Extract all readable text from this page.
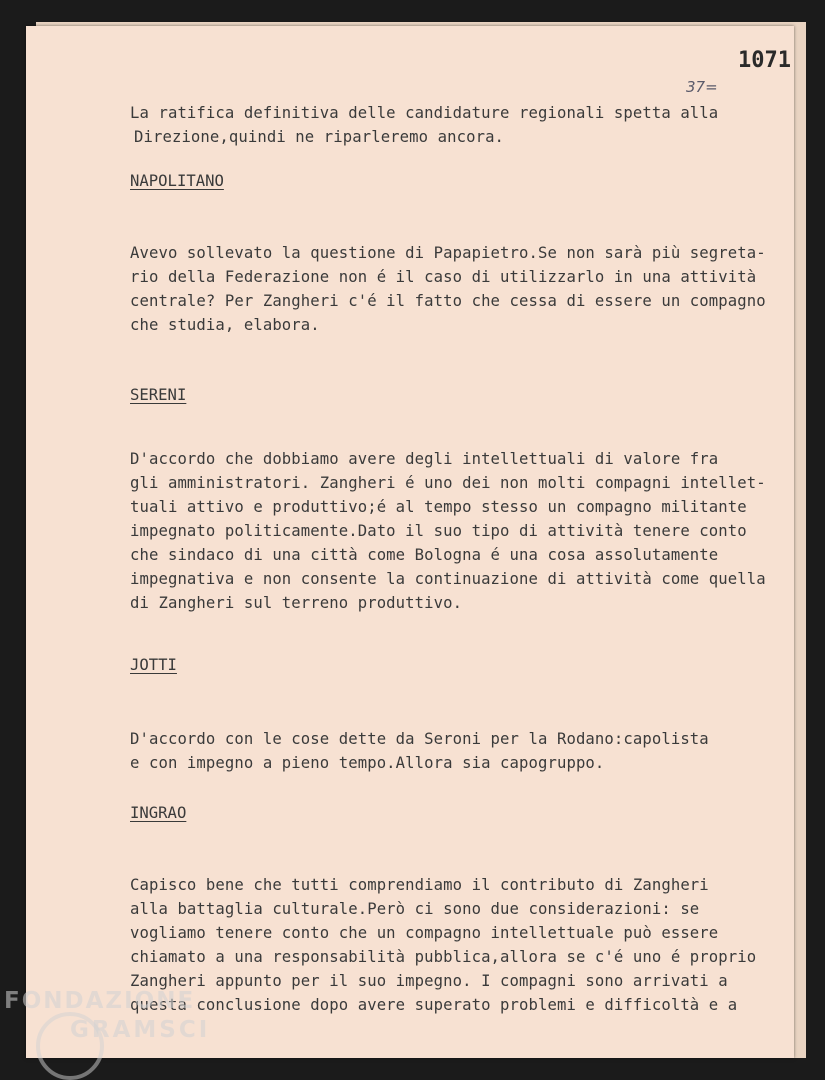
1071
37=
La ratifica definitiva delle candidature regionali spetta alla
Direzione,quindi ne riparleremo ancora.
NAPOLITANO
Avevo sollevato la questione di Papapietro.Se non sarà più segreta-
rio della Federazione non é il caso di utilizzarlo in una attività
centrale? Per Zangheri c'é il fatto che cessa di essere un compagno
che studia, elabora.
SERENI
D'accordo che dobbiamo avere degli intellettuali di valore fra
gli amministratori. Zangheri é uno dei non molti compagni intellet-
tuali attivo e produttivo;é al tempo stesso un compagno militante
impegnato politicamente.Dato il suo tipo di attività tenere conto
che sindaco di una città come Bologna é una cosa assolutamente
impegnativa e non consente la continuazione di attività come quella
di Zangheri sul terreno produttivo.
JOTTI
D'accordo con le cose dette da Seroni per la Rodano:capolista
e con impegno a pieno tempo.Allora sia capogruppo.
INGRAO
Capisco bene che tutti comprendiamo il contributo di Zangheri
alla battaglia culturale.Però ci sono due considerazioni: se
vogliamo tenere conto che un compagno intellettuale può essere
chiamato a una responsabilità pubblica,allora se c'é uno é proprio
Zangheri appunto per il suo impegno. I compagni sono arrivati a
questa conclusione dopo avere superato problemi e difficoltà e a
FONDAZIONE
GRAMSCI
